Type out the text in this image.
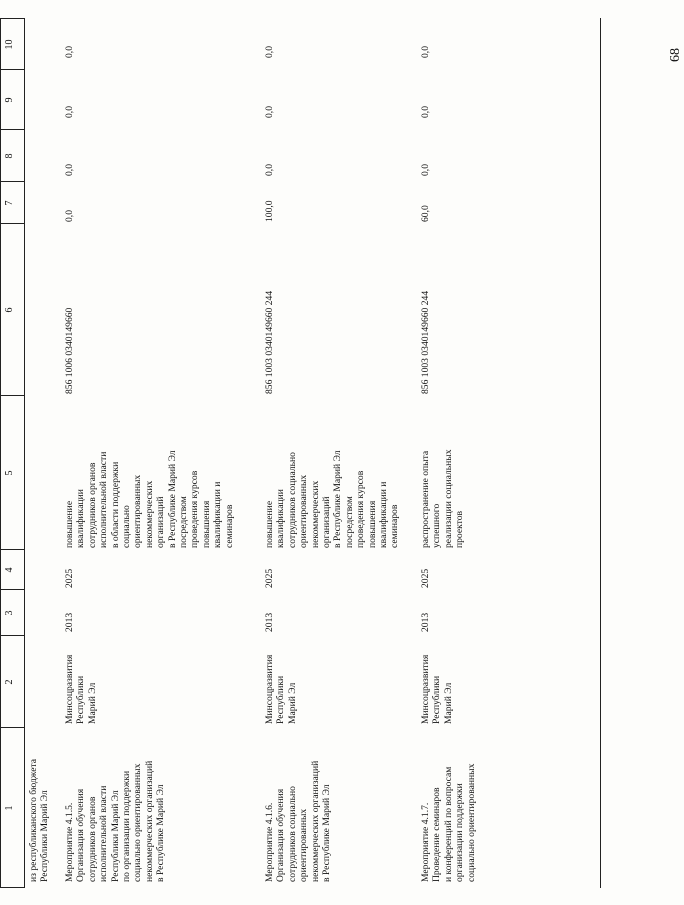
68
1
2
3
4
5
6
7
8
9
10
из республиканского бюджета
Республики Марий Эл
Мероприятие 4.1.5.
Организация обучения
сотрудников органов
исполнительной власти
Республики Марий Эл
по организации поддержки
социально ориентированных
некоммерческих организаций
в Республике Марий Эл
Минсоцразвития
Республики
Марий Эл
2013
2025
повышение
квалификации
сотрудников органов
исполнительной власти
в области поддержки
социально
ориентированных
некоммерческих
организаций
в Республике Марий Эл
посредством
проведения курсов
повышения
квалификации и
семинаров
856 1006 0340149660
0,0
0,0
0,0
0,0
Мероприятие 4.1.6.
Организация обучения
сотрудников социально
ориентированных
некоммерческих организаций
в Республике Марий Эл
Минсоцразвития
Республики
Марий Эл
2013
2025
повышение
квалификации
сотрудников социально
ориентированных
некоммерческих
организаций
в Республике Марий Эл
посредством
проведения курсов
повышения
квалификации и
семинаров
856 1003 0340149660 244
100,0
0,0
0,0
0,0
Мероприятие 4.1.7.
Проведение семинаров
и конференций по вопросам
организации поддержки
социально ориентированных
Минсоцразвития
Республики
Марий Эл
2013
2025
распространение опыта
успешного
реализации социальных
проектов
856 1003 0340149660 244
60,0
0,0
0,0
0,0
